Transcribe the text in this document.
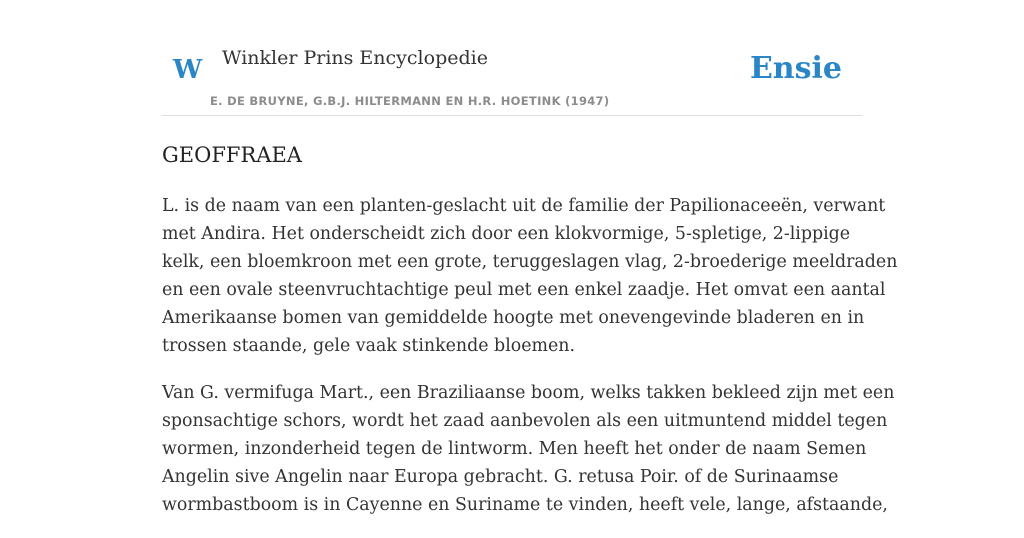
W Winkler Prins Encyclopedie
E. DE BRUYNE, G.B.J. HILTERMANN EN H.R. HOETINK (1947)
Ensie
GEOFFRAEA

L. is de naam van een planten-geslacht uit de familie der Papilionaceeën, verwant
met Andira. Het onderscheidt zich door een klokvormige, 5-spletige, 2-lippige
kelk, een bloemkroon met een grote, teruggeslagen vlag, 2-broederige meeldraden
en een ovale steenvruchtachtige peul met een enkel zaadje. Het omvat een aantal
Amerikaanse bomen van gemiddelde hoogte met onevengevinde bladeren en in
trossen staande, gele vaak stinkende bloemen.

Van G. vermifuga Mart., een Braziliaanse boom, welks takken bekleed zijn met een
sponsachtige schors, wordt het zaad aanbevolen als een uitmuntend middel tegen
wormen, inzonderheid tegen de lintworm. Men heeft het onder de naam Semen
Angelin sive Angelin naar Europa gebracht. G. retusa Poir. of de Surinaamse
wormbastboom is in Cayenne en Suriname te vinden, heeft vele, lange, afstaande,
